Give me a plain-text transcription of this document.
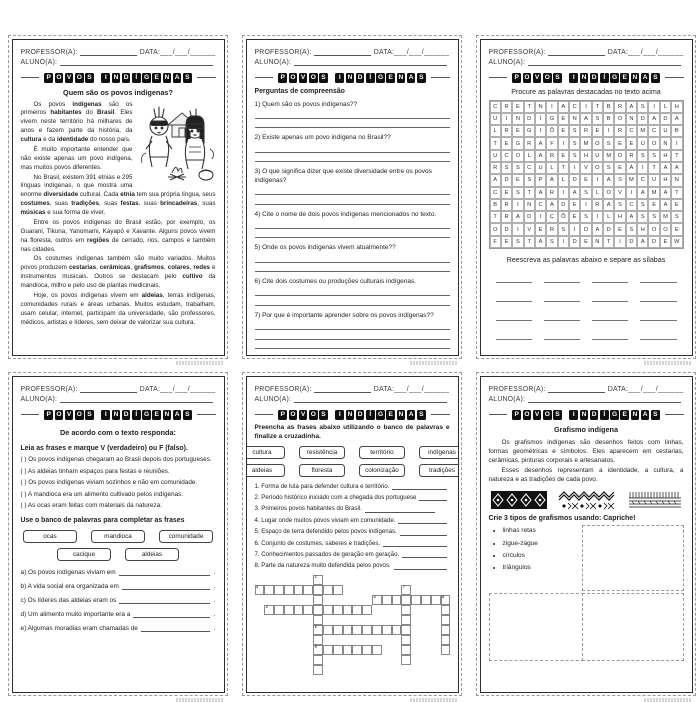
PROFESSOR(A):	DATA: ___/___/______
ALUNO(A):
P O V O S	I	N D	Í	G E N A S
Quem são os povos indígenas?

Os povos indígenas são os primeiros habitantes do Brasil. Eles vivem neste território há milhares de anos e fazem parte da história, da cultura e da identidade do nosso país.

É muito importante entender que não existe apenas um povo indígena, mas muitos povos diferentes.

No Brasil, existem 391 etnias e 295 línguas indígenas, o que mostra uma enorme diversidade cultural. Cada etnia tem sua própria língua, seus costumes, suas tradições, suas festas, suas brincadeiras, suas músicas e sua forma de viver.

Entre os povos indígenas do Brasil estão, por exemplo, os Guarani, Tikuna, Yanomami, Kayapó e Xavante. Alguns povos vivem na floresta, outros em regiões de cerrado, rios, campos e também nas cidades.

Os costumes indígenas também são muito variados. Muitos povos produzem cestarias, cerâmicas, grafismos, colares, redes e instrumentos musicais. Outros se destacam pelo cultivo da mandioca, milho e pelo uso de plantas medicinais.

Hoje, os povos indígenas vivem em aldeias, terras indígenas, comunidades rurais e áreas urbanas. Muitos estudam, trabalham, usam celular, internet, participam da universidade, são professores, médicos, artistas e líderes, sem deixar de valorizar sua cultura.

PROFESSOR(A):	DATA: ___/___/______
ALUNO(A):
P O V O S	I	N D	Í	G E N A S
Perguntas de compreensão
1) Quem são os povos indígenas??
2) Existe apenas um povo indígena no Brasil??
3) O que significa dizer que existe diversidade entre os povos indígenas?
4) Cite o nome de dois povos indígenas mencionados no texto.
5) Onde os povos indígenas vivem atualmente??
6) Cite dois costumes ou produções culturais indígenas.
7) Por que é importante aprender sobre os povos indígenas??
PROFESSOR(A):	DATA: ___/___/______
ALUNO(A):
P O V O S	I	N D	Í	G E N A S
Procure as palavras destacadas no texto acima
C	R	E	T	N	I	A	C	I	T	B	R	A	S	I	L	H
U	I	N	D	Í	G	E	N	A	S	B	O	N	D	A	D	A
L	R	E	G	I	Õ	E	S	R	E	I	R	C	M	C	U	B
T	E	G	R	A	F	I	S	M	O	S	E	E	Ú	O	N	I
U	C	O	L	A	R	E	S	H	U	M	D	R	S	S	H	T
R	S	S	C	U	L	T	I	V	O	S	E	Á	I	T	A	A
A	D	E	S	P	A	L	D	E	I	A	S	M	C	U	H	N
C	E	S	T	A	R	I	A	S	L	O	V	I	A	M	A	T
B	R	I	N	C	A	D	E	I	R	A	S	C	S	E	A	E
T	R	A	D	I	Ç	Õ	E	S	I	L	H	A	S	S	M	S
O	D	I	V	E	R	S	I	D	A	D	E	S	H	O	O	E
F	E	S	T	A	S	I	D	E	N	T	I	D	A	D	E	W
Reescreva as palavras abaixo e separe as sílabas
PROFESSOR(A):	DATA: ___/___/______
ALUNO(A):
P O V O S	I	N D	Í	G E N A S
De acordo com o texto responda:
Leia as frases e marque V (verdadeiro) ou F (falso).
( ) Os povos indígenas chegaram ao Brasil depois dos portugueses.
( ) As aldeias tinham espaços para festas e reuniões.
( ) Os povos indígenas viviam sozinhos e não em comunidade.
( ) A mandioca era um alimento cultivado pelos indígenas.
( ) As ocas eram feitas com materiais da natureza.
Use o banco de palavras para completar as frases
ocas	mandioca	comunidade
cacique	aldeias
a) Os povos indígenas viviam em	.
b) A vida social era organizada em	.
c) Os líderes das aldeias eram os	.
d) Um alimento muito importante era a	.
e) Algumas moradias eram chamadas de	.
PROFESSOR(A):	DATA: ___/___/______
ALUNO(A):
P O V O S	I	N D	Í	G E N A S
Preencha as frases abaixo utilizando o banco de palavras e finalize a cruzadinha.
cultura	resistência	território	indígenas
aldeias	floresta	colonização	tradições
1. Forma de luta para defender cultura e território.
2. Período histórico iniciado com a chegada dos portuguese
3. Primeiros povos habitantes do Brasil.
4. Lugar onde muitos povos viviam em comunidade.
5. Espaço de terra defendido pelos povos indígenas.
6. Conjunto de costumes, saberes e tradições.
7. Conhecimentos passados de geração em geração.
8. Parte da natureza muito defendida pelos povos.
1
3	7
4	8
2
6
5
PROFESSOR(A):	DATA: ___/___/______
ALUNO(A):
P O V O S	I	N D	Í	G E N A S
Grafismo indígena

Os grafismos indígenas são desenhos feitos com linhas, formas geométricas e símbolos. Eles aparecem em cestarias, cerâmicas, pinturas corporais e artesanatos.

Esses desenhos representam a identidade, a cultura, a natureza e as tradições de cada povo.

Crie 3 tipos de grafismos usando: Capriche!
• linhas retas
• zigue-zague
• círculos
• triângulos
